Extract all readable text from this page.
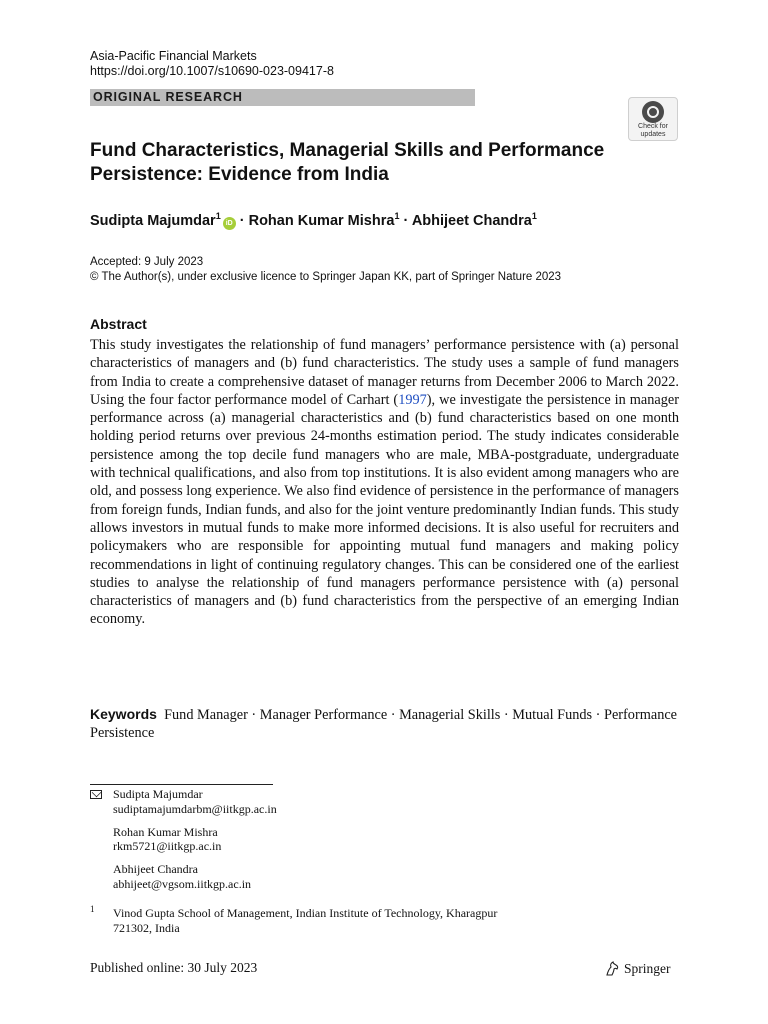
Asia-Pacific Financial Markets
https://doi.org/10.1007/s10690-023-09417-8
ORIGINAL RESEARCH
Check for
updates
Fund Characteristics, Managerial Skills and Performance
Persistence: Evidence from India
Sudipta Majumdar$^1$iD · Rohan Kumar Mishra$^1$ · Abhijeet Chandra$^1$
Accepted: 9 July 2023
© The Author(s), under exclusive licence to Springer Japan KK, part of Springer Nature 2023
Abstract
This study investigates the relationship of fund managers’ performance persistence with (a) personal characteristics of managers and (b) fund characteristics. The study uses a sample of fund managers from India to create a comprehensive dataset of manager returns from December 2006 to March 2022. Using the four factor performance model of Carhart (1997), we investigate the persistence in manager performance across (a) managerial characteristics and (b) fund characteristics based on one month holding period returns over previous 24-months estimation period. The study indicates considerable persistence among the top decile fund managers who are male, MBA-postgraduate, undergraduate with technical qualifications, and also from top institutions. It is also evident among managers who are old, and possess long experience. We also find evidence of persistence in the performance of managers from foreign funds, Indian funds, and also for the joint venture predominantly Indian funds. This study allows investors in mutual funds to make more informed decisions. It is also useful for recruiters and policymakers who are responsible for appointing mutual fund managers and making policy recommendations in light of continuing regulatory changes. This can be considered one of the earliest studies to analyse the relationship of fund managers performance persistence with (a) personal characteristics of managers and (b) fund characteristics from the perspective of an emerging Indian economy.
Keywords Fund Manager · Manager Performance · Managerial Skills · Mutual Funds · Performance Persistence
Sudipta Majumdar
sudiptamajumdarbm@iitkgp.ac.in
Rohan Kumar Mishra
rkm5721@iitkgp.ac.in
Abhijeet Chandra
abhijeet@vgsom.iitkgp.ac.in
1 Vinod Gupta School of Management, Indian Institute of Technology, Kharagpur
721302, India
Published online: 30 July 2023	Springer
